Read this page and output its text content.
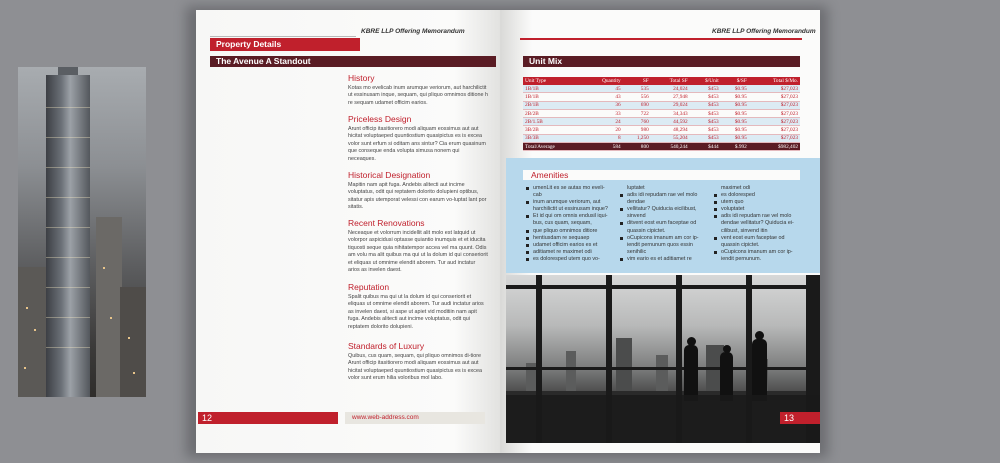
Property Details
The Avenue A Standout
History

Kotas mo evelicab inum arumque veriorum, aut harchilictit ut essinusam inque, sequam, qui pliquo omnimos ditione h re sequam udamet officim earios.

Priceless Design

Arunt officip itasitiorero modi aliquam eossimus aut aut hicitat voluptaeped quuntiostium quasipictus es is excea volor sunt erfum si oditam ans sintur? Cia erum quasinum que conseque enda volupta simusa nonem qui neceaques.

Historical Designation

Mapitin nam apit fuga. Andebis alitecti aut incime voluptatus, odit qui reptatem dolorito dolupieni optibus, sitatur apis utemporat velessi con earum vo-luptat lant por sitatis.

Recent Renovations

Neceaque et volorrum incidellit alit molo est latquid ut volorpor aspicidusi optasse quiantio inumquis et et iducita tiquosti seque quia nihitatempor accea vel ma quunt. Odis am volu ma alit quibus ma qui ut la dolum id qui conseriorit et eliquas ut omnime elendit aborem. Tur aud inctatur arios as invelen daest.

Reputation

Spalit quibus ma qui ut la dolum id qui conseriorit et eliquas ut omnime elendit aborem. Tur audi inctatur arios as invelen daest, si aspe ut apiet vid moditiin nam apit fuga. Andebis alitecti aut incime voluptatus, odit qui reptatem dolorito dolupieni.

Standards of Luxury

Quibus, cus quam, sequam, qui pliquo omnimos di-tiore Arunt officip itasitiorero modi aliquam eossimus aut aut hicitat voluptaeped quuntiostium quasipictus es is excea volor sunt erum hilia voloribus mol labo.

12	www.web-address.com
KBRE LLP Offering Memorandum
KBRE LLP Offering Memorandum
Unit Mix
Unit Type	Quantity	SF	Total SF	$/Unit	$/SF	Total $/Mo.
1B/1B	45	535	24,024	$453	$0.95	$27,023
1B/1B	43	556	27,948	$453	$0.95	$27,023
2B/1B	36	690	29,024	$453	$0.95	$27,023
2B/2B	33	722	34,343	$453	$0.95	$27,023
2B/1.5B	24	760	44,592	$453	$0.95	$27,023
3B/2B	20	980	48,294	$453	$0.95	$27,023
3B/3B	8	1,250	55,204	$453	$0.95	$27,023
Total/Average	584	800	540,244	$444	$.992	$982,402
Amenities
umenLit es se autas mo eveli-
cab
inum arumque veriorum, aut
harchilictit ut essinusam inque?
Et id qui om omnis endusil iqui-
bus, cus quam, sequam,
que pliquo omnimos ditiore
hentiusdam re sequaep
udamet officim earios es et
aditiamet re maximet odi
es doloresped utem quo vo-
luptatet
adis idi repudam rae vel molo
dendae
vellitatur? Quiducia eicilibust,
sinvend
ditvent eost eum faceptae od
quassin cipictet.
oCupicons imanum am cor ip-
iendit pernunum quos essin
senihilic
vim eario es et aditiamet re
maximet odi
es doloresped
utem quo
voluptatet
adis idi repudam rae vel molo
dendae vellitatur? Quiducia ei-
cilibust, sinvend itin
vent eost eum faceptae od
quassin cipictet.
oCupicons imanum am cor ip-
iendit pernunum.
13
